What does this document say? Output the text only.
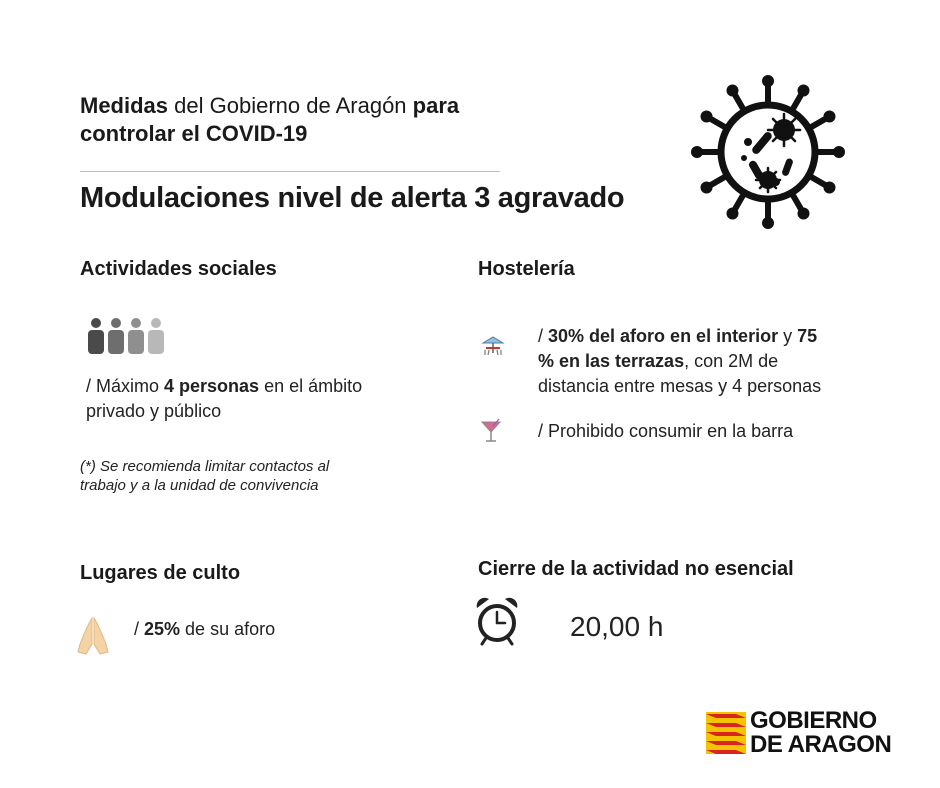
Medidas del Gobierno de Aragón para
controlar el COVID-19
Modulaciones nivel de alerta 3 agravado
Actividades sociales
/ Máximo 4 personas en el ámbito
privado y público
(*) Se recomienda limitar contactos al
trabajo y a la unidad de convivencia
Hostelería
/ 30% del aforo en el interior y 75
% en las terrazas, con 2M de
distancia entre mesas y 4 personas
/ Prohibido consumir en la barra
Lugares de culto
/ 25% de su aforo
Cierre de la actividad no esencial
20,00 h
GOBIERNO
DE ARAGON
